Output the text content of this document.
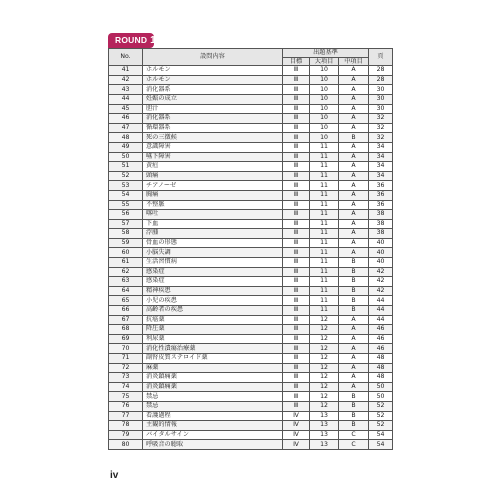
ROUND 1
No.	設問内容	出題基準			頁
		目標	大項目	中項目	
41	ホルモン	Ⅲ	10	A	28
42	ホルモン	Ⅲ	10	A	28
43	消化器系	Ⅲ	10	A	30
44	妊娠の成立	Ⅲ	10	A	30
45	胆汁	Ⅲ	10	A	30
46	消化器系	Ⅲ	10	A	32
47	循環器系	Ⅲ	10	A	32
48	死の三徴候	Ⅲ	10	B	32
49	意識障害	Ⅲ	11	A	34
50	嚥下障害	Ⅲ	11	A	34
51	黄疸	Ⅲ	11	A	34
52	頭痛	Ⅲ	11	A	34
53	チアノーゼ	Ⅲ	11	A	36
54	胸痛	Ⅲ	11	A	36
55	不整脈	Ⅲ	11	A	36
56	喀吐	Ⅲ	11	A	38
57	下血	Ⅲ	11	A	38
58	浮腫	Ⅲ	11	A	38
59	骨血の形態	Ⅲ	11	A	40
60	小脳失調	Ⅲ	11	A	40
61	生活習慣病	Ⅲ	11	B	40
62	感染症	Ⅲ	11	B	42
63	感染症	Ⅲ	11	B	42
64	精神疾患	Ⅲ	11	B	42
65	小児の疾患	Ⅲ	11	B	44
66	高齢者の疾患	Ⅲ	11	B	44
67	抗癌薬	Ⅲ	12	A	44
68	降圧薬	Ⅲ	12	A	46
69	利尿薬	Ⅲ	12	A	46
70	消化性潰瘍治療薬	Ⅲ	12	A	46
71	副腎皮質ステロイド薬	Ⅲ	12	A	48
72	麻薬	Ⅲ	12	A	48
73	消炎鎮痛薬	Ⅲ	12	A	48
74	消炎鎮痛薬	Ⅲ	12	A	50
75	禁忌	Ⅲ	12	B	50
76	禁忌	Ⅲ	12	B	52
77	看護過程	Ⅳ	13	B	52
78	主観的情報	Ⅳ	13	B	52
79	バイタルサイン	Ⅳ	13	C	54
80	呼吸音の聴取	Ⅳ	13	C	54
iv
